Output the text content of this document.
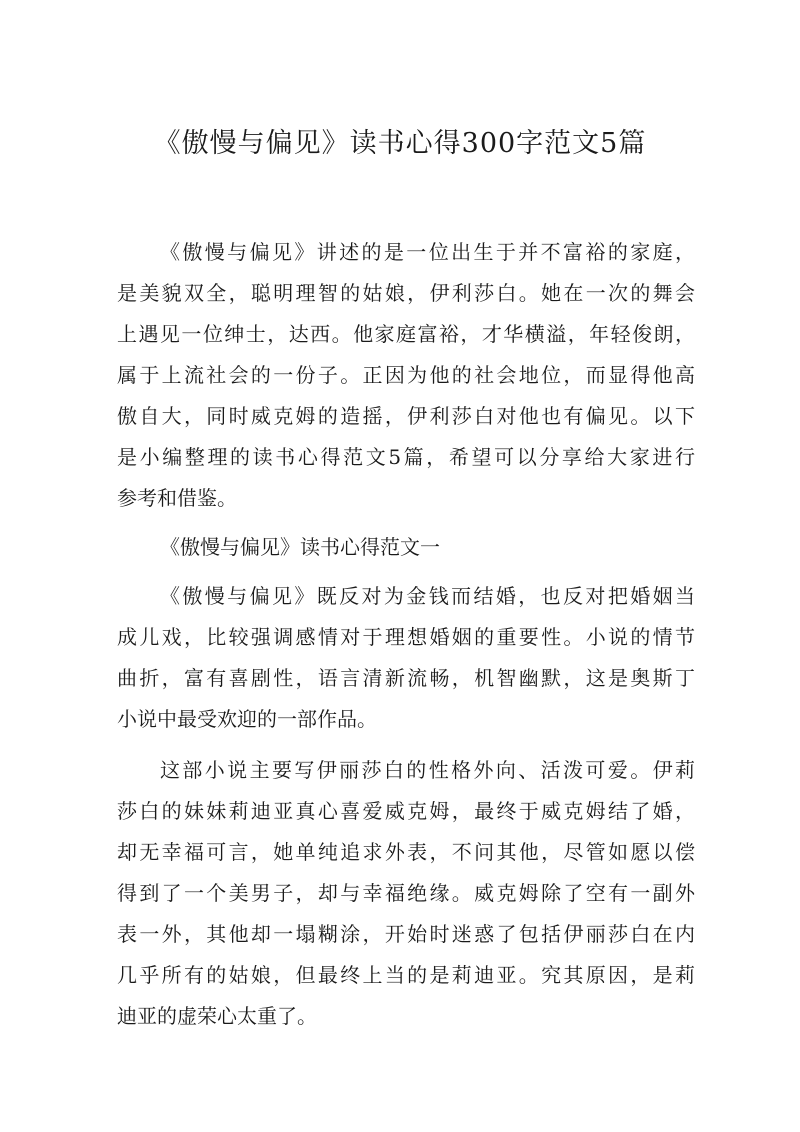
《傲慢与偏见》读书心得300字范文5篇
《傲慢与偏见》讲述的是一位出生于并不富裕的家庭，
是美貌双全，聪明理智的姑娘，伊利莎白。她在一次的舞会
上遇见一位绅士，达西。他家庭富裕，才华横溢，年轻俊朗，
属于上流社会的一份子。正因为他的社会地位，而显得他高
傲自大，同时威克姆的造摇，伊利莎白对他也有偏见。以下
是小编整理的读书心得范文5篇，希望可以分享给大家进行
参考和借鉴。
《傲慢与偏见》读书心得范文一
《傲慢与偏见》既反对为金钱而结婚，也反对把婚姻当
成儿戏，比较强调感情对于理想婚姻的重要性。小说的情节
曲折，富有喜剧性，语言清新流畅，机智幽默，这是奥斯丁
小说中最受欢迎的一部作品。
这部小说主要写伊丽莎白的性格外向、活泼可爱。伊莉
莎白的妹妹莉迪亚真心喜爱威克姆，最终于威克姆结了婚，
却无幸福可言，她单纯追求外表，不问其他，尽管如愿以偿
得到了一个美男子，却与幸福绝缘。威克姆除了空有一副外
表一外，其他却一塌糊涂，开始时迷惑了包括伊丽莎白在内
几乎所有的姑娘，但最终上当的是莉迪亚。究其原因，是莉
迪亚的虚荣心太重了。
